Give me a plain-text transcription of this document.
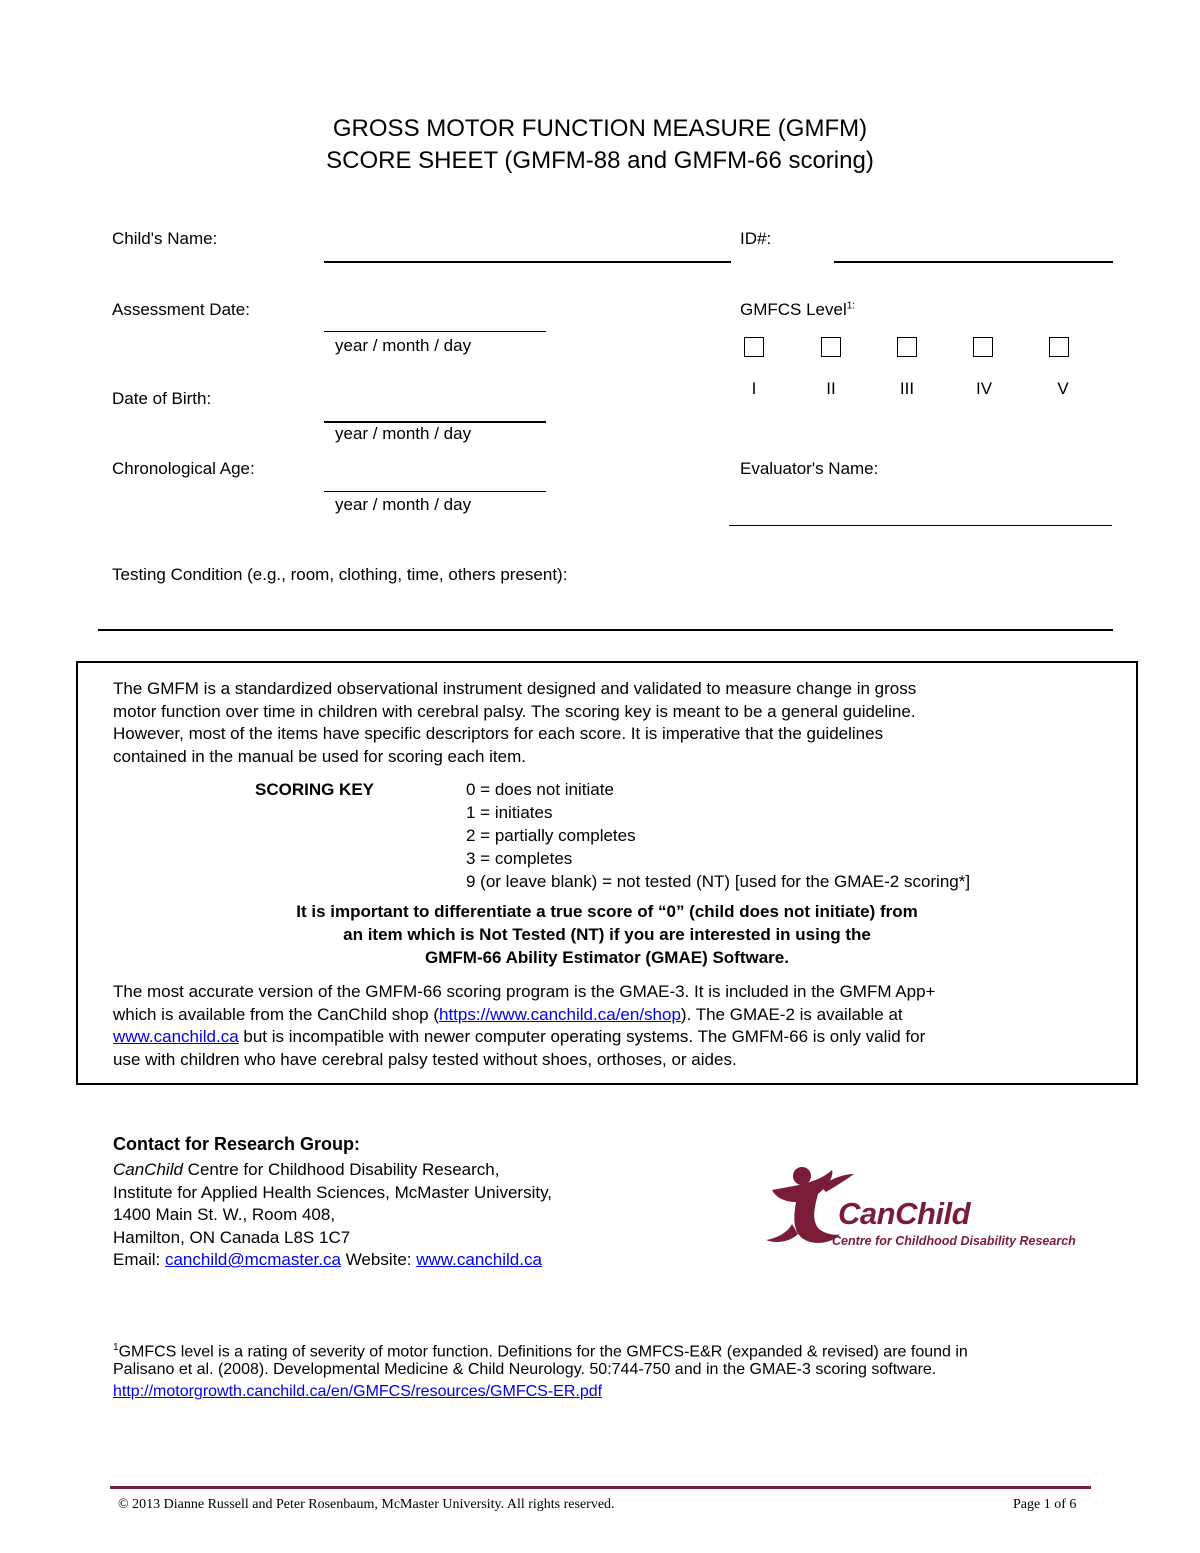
GROSS MOTOR FUNCTION MEASURE (GMFM)
SCORE SHEET (GMFM-88 and GMFM-66 scoring)
Child's Name:	ID#:
Assessment Date:
year / month / day
GMFCS Level$^{1:}$
I	II	III	IV	V
Date of Birth:
year / month / day
Chronological Age:
year / month / day
Evaluator's Name:
Testing Condition (e.g., room, clothing, time, others present):
The GMFM is a standardized observational instrument designed and validated to measure change in gross
motor function over time in children with cerebral palsy. The scoring key is meant to be a general guideline.
However, most of the items have specific descriptors for each score. It is imperative that the guidelines
contained in the manual be used for scoring each item.
SCORING KEY	0 = does not initiate
1 = initiates
2 = partially completes
3 = completes
9 (or leave blank) = not tested (NT) [used for the GMAE-2 scoring*]
It is important to differentiate a true score of “0” (child does not initiate) from
an item which is Not Tested (NT) if you are interested in using the
GMFM-66 Ability Estimator (GMAE) Software.
The most accurate version of the GMFM-66 scoring program is the GMAE-3. It is included in the GMFM App+
which is available from the CanChild shop (https://www.canchild.ca/en/shop). The GMAE-2 is available at
www.canchild.ca but is incompatible with newer computer operating systems. The GMFM-66 is only valid for
use with children who have cerebral palsy tested without shoes, orthoses, or aides.
Contact for Research Group:
CanChild Centre for Childhood Disability Research,
Institute for Applied Health Sciences, McMaster University,
1400 Main St. W., Room 408,
Hamilton, ON Canada L8S 1C7
Email: canchild@mcmaster.ca Website: www.canchild.ca
CanChild
Centre for Childhood Disability Research
$^1$GMFCS level is a rating of severity of motor function. Definitions for the GMFCS-E&R (expanded & revised) are found in
Palisano et al. (2008). Developmental Medicine & Child Neurology. 50:744-750 and in the GMAE-3 scoring software.
http://motorgrowth.canchild.ca/en/GMFCS/resources/GMFCS-ER.pdf
© 2013 Dianne Russell and Peter Rosenbaum, McMaster University. All rights reserved.	Page 1 of 6
